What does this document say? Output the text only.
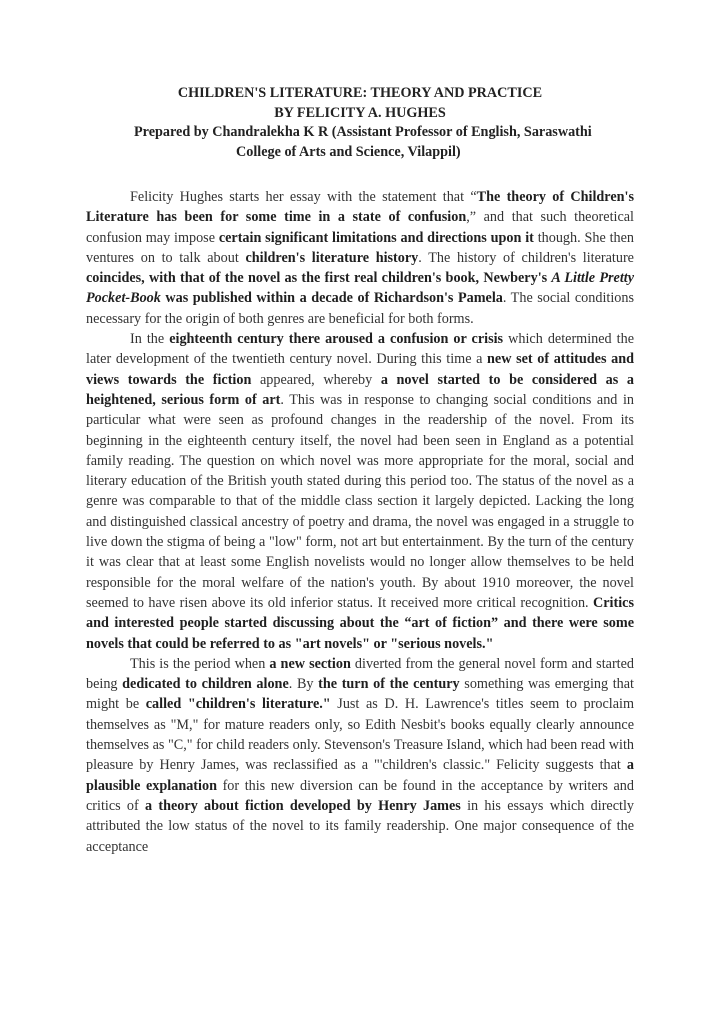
CHILDREN'S LITERATURE: THEORY AND PRACTICE
BY FELICITY A. HUGHES
Prepared by Chandralekha K R (Assistant Professor of English, Saraswathi
College of Arts and Science, Vilappil)

Felicity Hughes starts her essay with the statement that “The theory of Children's Literature has been for some time in a state of confusion,” and that such theoretical confusion may impose certain significant limitations and directions upon it though. She then ventures on to talk about children's literature history. The history of children's literature coincides, with that of the novel as the first real children's book, Newbery's A Little Pretty Pocket-Book was published within a decade of Richardson's Pamela. The social conditions necessary for the origin of both genres are beneficial for both forms.

In the eighteenth century there aroused a confusion or crisis which determined the later development of the twentieth century novel. During this time a new set of attitudes and views towards the fiction appeared, whereby a novel started to be considered as a heightened, serious form of art. This was in response to changing social conditions and in particular what were seen as profound changes in the readership of the novel. From its beginning in the eighteenth century itself, the novel had been seen in England as a potential family reading. The question on which novel was more appropriate for the moral, social and literary education of the British youth stated during this period too. The status of the novel as a genre was comparable to that of the middle class section it largely depicted. Lacking the long and distinguished classical ancestry of poetry and drama, the novel was engaged in a struggle to live down the stigma of being a "low" form, not art but entertainment. By the turn of the century it was clear that at least some English novelists would no longer allow themselves to be held responsible for the moral welfare of the nation's youth. By about 1910 moreover, the novel seemed to have risen above its old inferior status. It received more critical recognition. Critics and interested people started discussing about the “art of fiction” and there were some novels that could be referred to as "art novels" or "serious novels."

This is the period when a new section diverted from the general novel form and started being dedicated to children alone. By the turn of the century something was emerging that might be called "children's literature." Just as D. H. Lawrence's titles seem to proclaim themselves as "M," for mature readers only, so Edith Nesbit's books equally clearly announce themselves as "C," for child readers only. Stevenson's Treasure Island, which had been read with pleasure by Henry James, was reclassified as a "'children's classic." Felicity suggests that a plausible explanation for this new diversion can be found in the acceptance by writers and critics of a theory about fiction developed by Henry James in his essays which directly attributed the low status of the novel to its family readership. One major consequence of the acceptance
